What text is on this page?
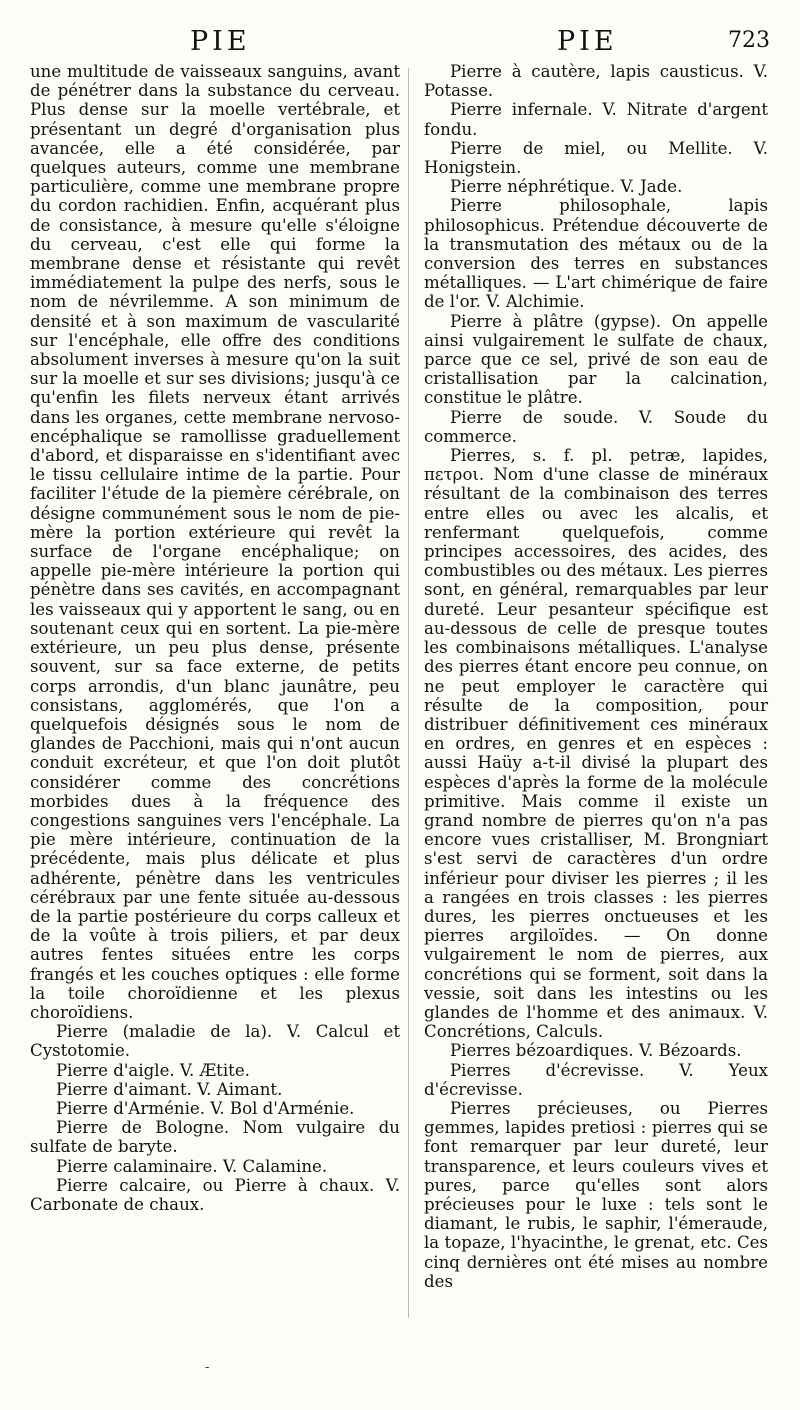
PIE	PIE	723

une multitude de vaisseaux sanguins, avant de pénétrer dans la substance du cerveau. Plus dense sur la moelle vertébrale, et présentant un degré d'organisation plus avancée, elle a été considérée, par quelques auteurs, comme une membrane particulière, comme une membrane propre du cordon rachidien. Enfin, acquérant plus de consistance, à mesure qu'elle s'éloigne du cerveau, c'est elle qui forme la membrane dense et résistante qui revêt immédiatement la pulpe des nerfs, sous le nom de névrilemme. A son minimum de densité et à son maximum de vascularité sur l'encéphale, elle offre des conditions absolument inverses à mesure qu'on la suit sur la moelle et sur ses divisions; jusqu'à ce qu'enfin les filets nerveux étant arrivés dans les organes, cette membrane nervoso-encéphalique se ramollisse graduellement d'abord, et disparaisse en s'identifiant avec le tissu cellulaire intime de la partie. Pour faciliter l'étude de la piemère cérébrale, on désigne communément sous le nom de pie-mère la portion extérieure qui revêt la surface de l'organe encéphalique; on appelle pie-mère intérieure la portion qui pénètre dans ses cavités, en accompagnant les vaisseaux qui y apportent le sang, ou en soutenant ceux qui en sortent. La pie-mère extérieure, un peu plus dense, présente souvent, sur sa face externe, de petits corps arrondis, d'un blanc jaunâtre, peu consistans, agglomérés, que l'on a quelquefois désignés sous le nom de glandes de Pacchioni, mais qui n'ont aucun conduit excréteur, et que l'on doit plutôt considérer comme des concrétions morbides dues à la fréquence des congestions sanguines vers l'encéphale. La pie mère intérieure, continuation de la précédente, mais plus délicate et plus adhérente, pénètre dans les ventricules cérébraux par une fente située au-dessous de la partie postérieure du corps calleux et de la voûte à trois piliers, et par deux autres fentes situées entre les corps frangés et les couches optiques : elle forme la toile choroïdienne et les plexus choroïdiens.

Pierre (maladie de la). V. Calcul et Cystotomie.

Pierre d'aigle. V. Ætite.

Pierre d'aimant. V. Aimant.

Pierre d'Arménie. V. Bol d'Arménie.

Pierre de Bologne. Nom vulgaire du sulfate de baryte.

Pierre calaminaire. V. Calamine.

Pierre calcaire, ou Pierre à chaux. V. Carbonate de chaux.

Pierre à cautère, lapis causticus. V. Potasse.

Pierre infernale. V. Nitrate d'argent fondu.

Pierre de miel, ou Mellite. V. Honigstein.

Pierre néphrétique. V. Jade.

Pierre philosophale, lapis philosophicus. Prétendue découverte de la transmutation des métaux ou de la conversion des terres en substances métalliques. — L'art chimérique de faire de l'or. V. Alchimie.

Pierre à plâtre (gypse). On appelle ainsi vulgairement le sulfate de chaux, parce que ce sel, privé de son eau de cristallisation par la calcination, constitue le plâtre.

Pierre de soude. V. Soude du commerce.

Pierres, s. f. pl. petræ, lapides, πετροι. Nom d'une classe de minéraux résultant de la combinaison des terres entre elles ou avec les alcalis, et renfermant quelquefois, comme principes accessoires, des acides, des combustibles ou des métaux. Les pierres sont, en général, remarquables par leur dureté. Leur pesanteur spécifique est au-dessous de celle de presque toutes les combinaisons métalliques. L'analyse des pierres étant encore peu connue, on ne peut employer le caractère qui résulte de la composition, pour distribuer définitivement ces minéraux en ordres, en genres et en espèces : aussi Haüy a-t-il divisé la plupart des espèces d'après la forme de la molécule primitive. Mais comme il existe un grand nombre de pierres qu'on n'a pas encore vues cristalliser, M. Brongniart s'est servi de caractères d'un ordre inférieur pour diviser les pierres ; il les a rangées en trois classes : les pierres dures, les pierres onctueuses et les pierres argiloïdes. — On donne vulgairement le nom de pierres, aux concrétions qui se forment, soit dans la vessie, soit dans les intestins ou les glandes de l'homme et des animaux. V. Concrétions, Calculs.

Pierres bézoardiques. V. Bézoards.

Pierres d'écrevisse. V. Yeux d'écrevisse.

Pierres précieuses, ou Pierres gemmes, lapides pretiosi : pierres qui se font remarquer par leur dureté, leur transparence, et leurs couleurs vives et pures, parce qu'elles sont alors précieuses pour le luxe : tels sont le diamant, le rubis, le saphir, l'émeraude, la topaze, l'hyacinthe, le grenat, etc. Ces cinq dernières ont été mises au nombre des

-
